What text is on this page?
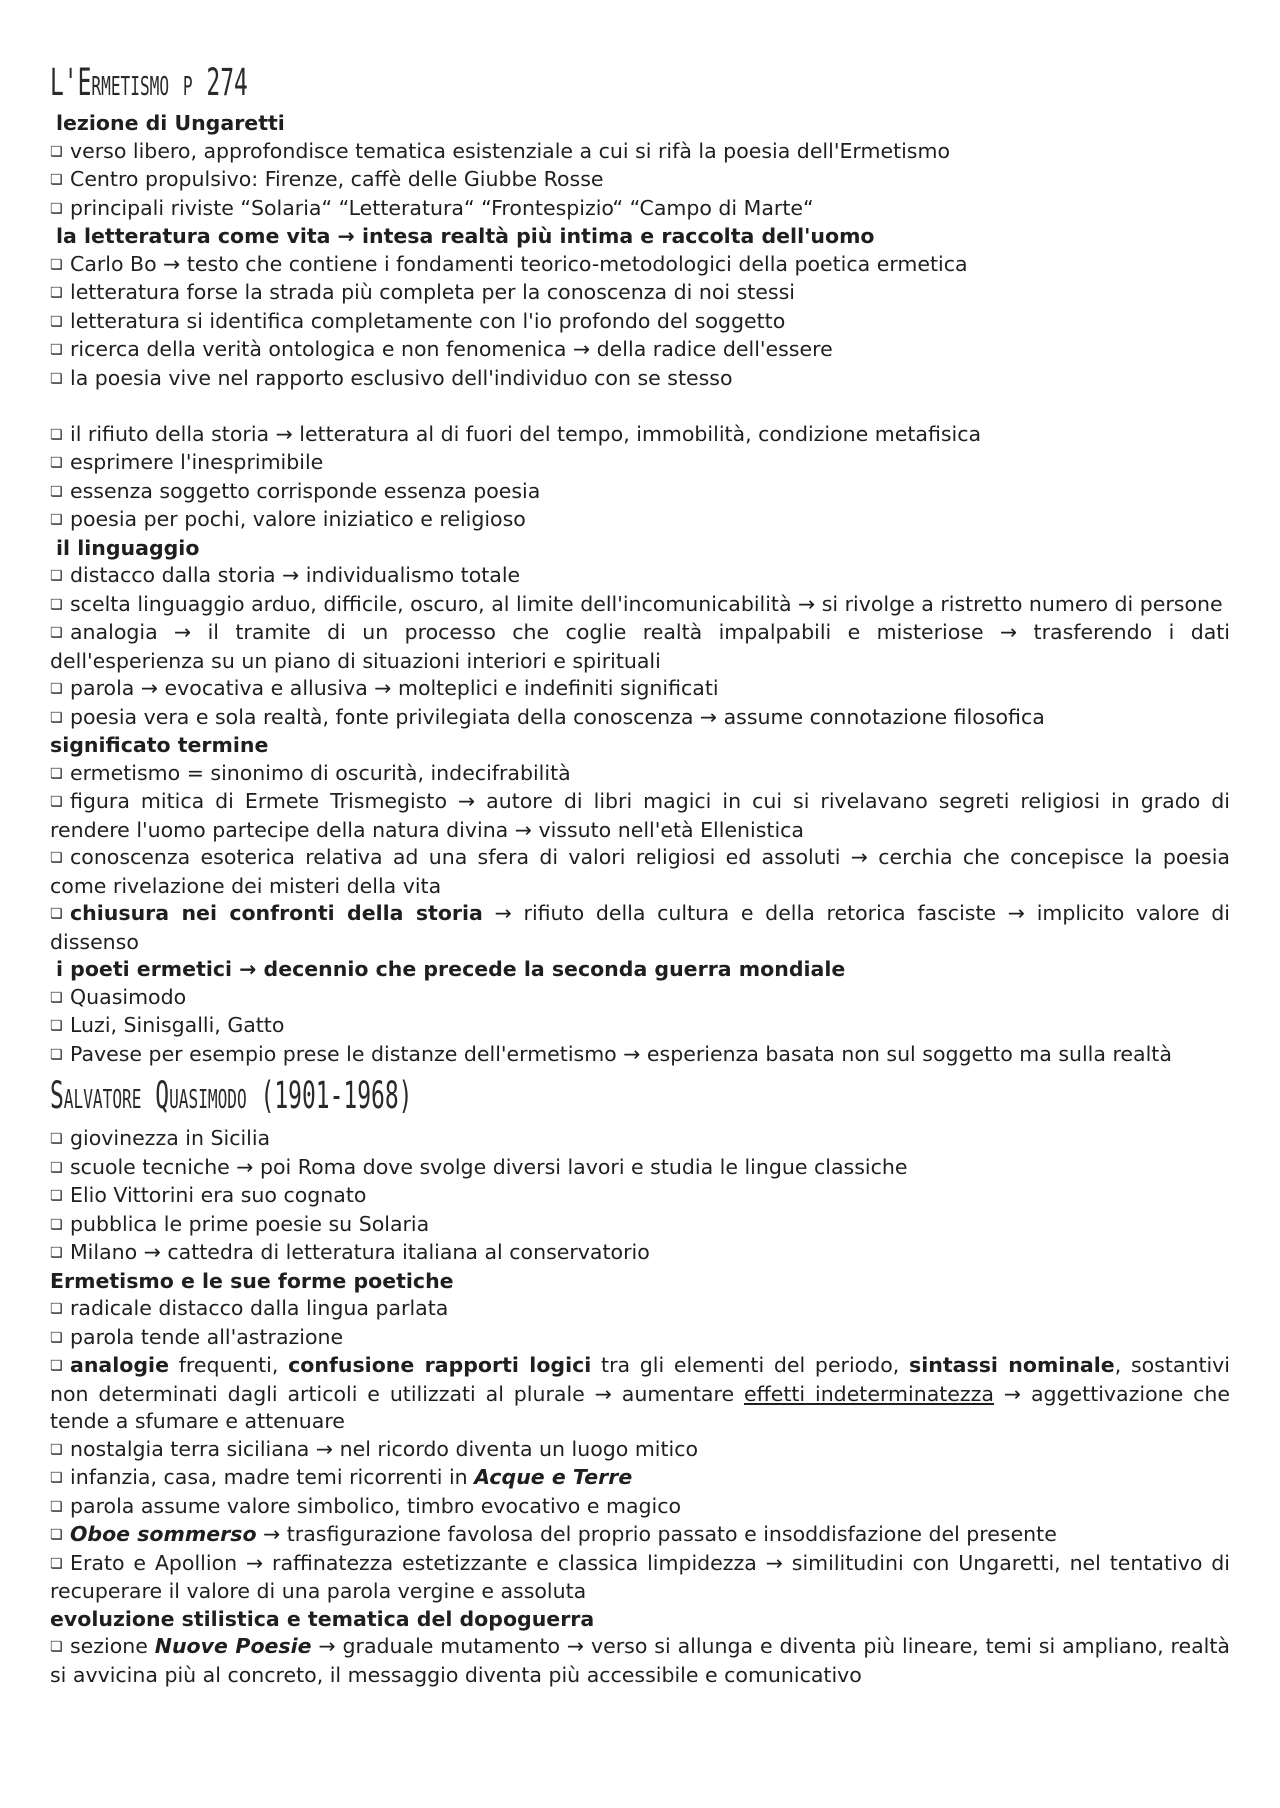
L'Ermetismo p 274
lezione di Ungaretti
❏ verso libero, approfondisce tematica esistenziale a cui si rifà la poesia dell'Ermetismo
❏ Centro propulsivo: Firenze, caffè delle Giubbe Rosse
❏ principali riviste “Solaria“ “Letteratura“ “Frontespizio“ “Campo di Marte“
la letteratura come vita → intesa realtà più intima e raccolta dell'uomo
❏ Carlo Bo → testo che contiene i fondamenti teorico-metodologici della poetica ermetica
❏ letteratura forse la strada più completa per la conoscenza di noi stessi
❏ letteratura si identifica completamente con l'io profondo del soggetto
❏ ricerca della verità ontologica e non fenomenica → della radice dell'essere
❏ la poesia vive nel rapporto esclusivo dell'individuo con se stesso
❏ il rifiuto della storia → letteratura al di fuori del tempo, immobilità, condizione metafisica
❏ esprimere l'inesprimibile
❏ essenza soggetto corrisponde essenza poesia
❏ poesia per pochi, valore iniziatico e religioso
il linguaggio
❏ distacco dalla storia → individualismo totale
❏ scelta linguaggio arduo, difficile, oscuro, al limite dell'incomunicabilità → si rivolge a ristretto numero di persone
❏ analogia → il tramite di un processo che coglie realtà impalpabili e misteriose → trasferendo i dati dell'esperienza su un piano di situazioni interiori e spirituali
❏ parola → evocativa e allusiva → molteplici e indefiniti significati
❏ poesia vera e sola realtà, fonte privilegiata della conoscenza → assume connotazione filosofica
significato termine
❏ ermetismo = sinonimo di oscurità, indecifrabilità
❏ figura mitica di Ermete Trismegisto → autore di libri magici in cui si rivelavano segreti religiosi in grado di rendere l'uomo partecipe della natura divina → vissuto nell'età Ellenistica
❏ conoscenza esoterica relativa ad una sfera di valori religiosi ed assoluti → cerchia che concepisce la poesia come rivelazione dei misteri della vita
❏ chiusura nei confronti della storia → rifiuto della cultura e della retorica fasciste → implicito valore di dissenso
i poeti ermetici → decennio che precede la seconda guerra mondiale
❏ Quasimodo
❏ Luzi, Sinisgalli, Gatto
❏ Pavese per esempio prese le distanze dell'ermetismo → esperienza basata non sul soggetto ma sulla realtà
Salvatore Quasimodo (1901-1968)
❏ giovinezza in Sicilia
❏ scuole tecniche → poi Roma dove svolge diversi lavori e studia le lingue classiche
❏ Elio Vittorini era suo cognato
❏ pubblica le prime poesie su Solaria
❏ Milano → cattedra di letteratura italiana al conservatorio
Ermetismo e le sue forme poetiche
❏ radicale distacco dalla lingua parlata
❏ parola tende all'astrazione
❏ analogie frequenti, confusione rapporti logici tra gli elementi del periodo, sintassi nominale, sostantivi non determinati dagli articoli e utilizzati al plurale → aumentare effetti indeterminatezza → aggettivazione che tende a sfumare e attenuare
❏ nostalgia terra siciliana → nel ricordo diventa un luogo mitico
❏ infanzia, casa, madre temi ricorrenti in Acque e Terre
❏ parola assume valore simbolico, timbro evocativo e magico
❏ Oboe sommerso → trasfigurazione favolosa del proprio passato e insoddisfazione del presente
❏ Erato e Apollion → raffinatezza estetizzante e classica limpidezza → similitudini con Ungaretti, nel tentativo di recuperare il valore di una parola vergine e assoluta
evoluzione stilistica e tematica del dopoguerra
❏ sezione Nuove Poesie → graduale mutamento → verso si allunga e diventa più lineare, temi si ampliano, realtà si avvicina più al concreto, il messaggio diventa più accessibile e comunicativo
